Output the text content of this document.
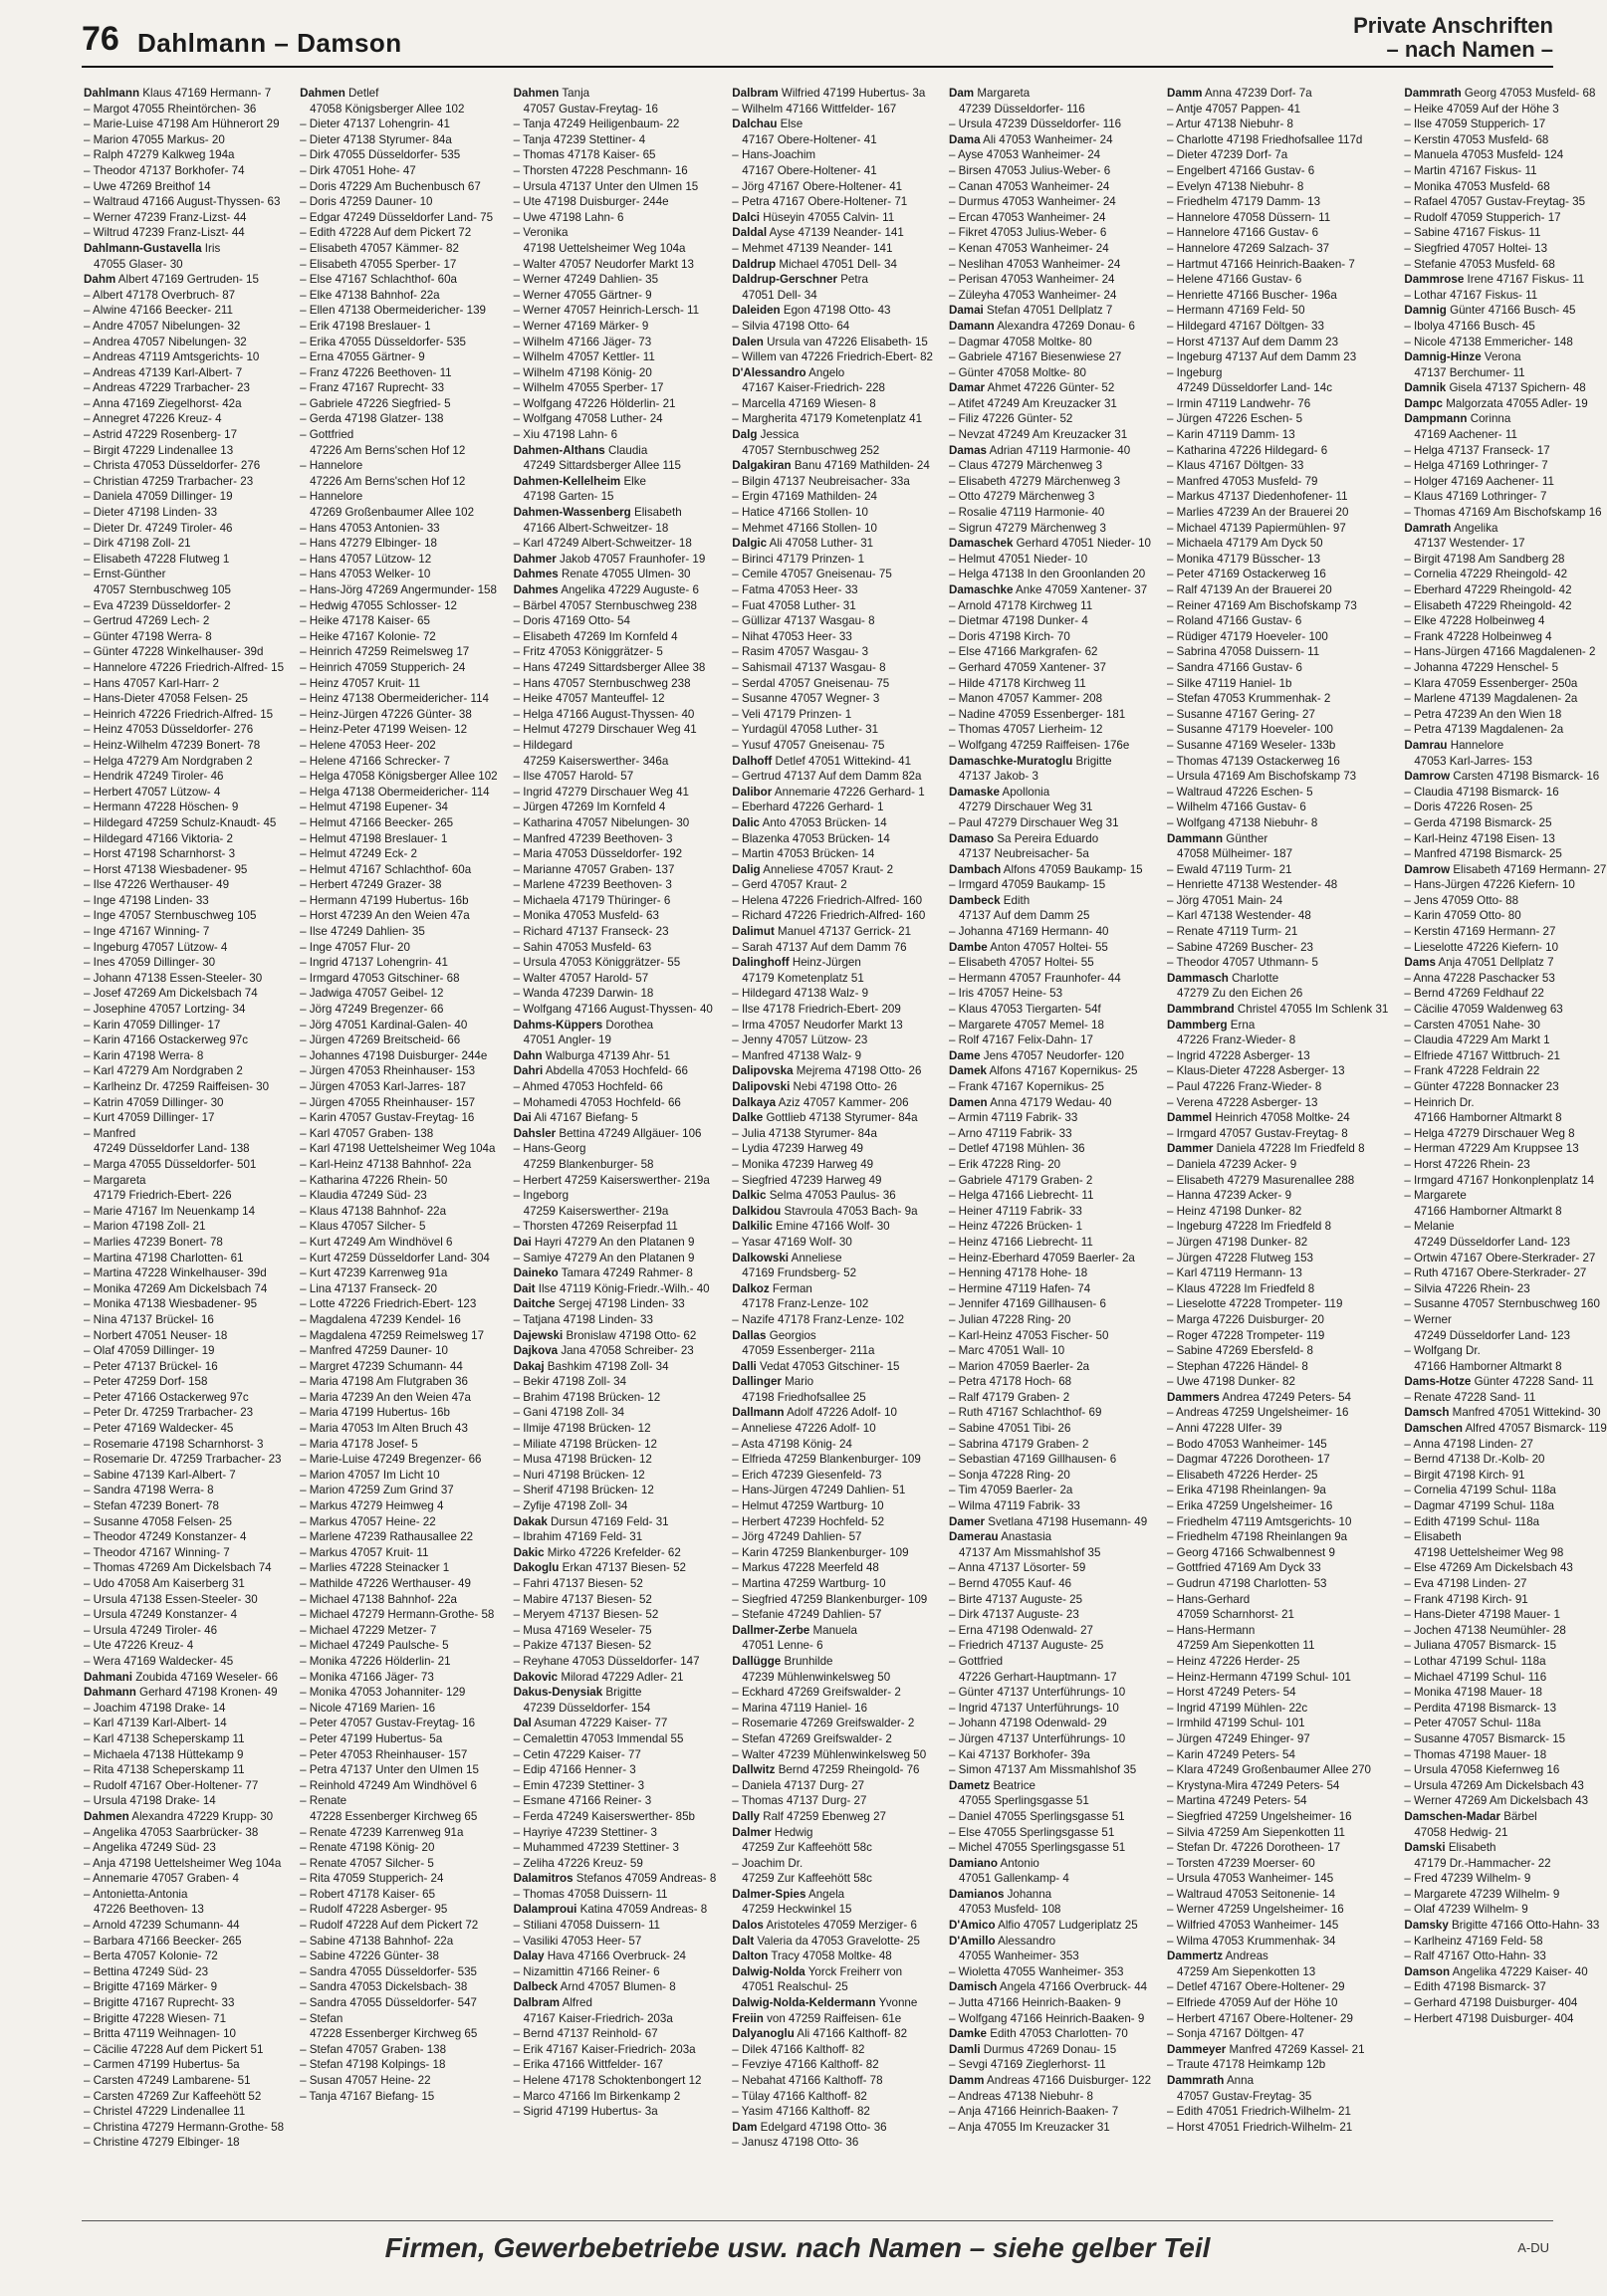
76 Dahlmann – Damson
Private Anschriften
– nach Namen –
Dahlmann Klaus 47169 Hermann- 7
– Margot 47055 Rheintörchen- 36
– Marie-Luise 47198 Am Hühnerort 29
– Marion 47055 Markus- 20
– Ralph 47279 Kalkweg 194a
– Theodor 47137 Borkhofer- 74
– Uwe 47269 Breithof 14
– Waltraud 47166 August-Thyssen- 63
– Werner 47239 Franz-Lizst- 44
– Wiltrud 47239 Franz-Liszt- 44
Dahlmann-Gustavella Iris
47055 Glaser- 30
Dahm Albert 47169 Gertruden- 15
– Albert 47178 Overbruch- 87
– Alwine 47166 Beecker- 211
– Andre 47057 Nibelungen- 32
– Andrea 47057 Nibelungen- 32
– Andreas 47119 Amtsgerichts- 10
– Andreas 47139 Karl-Albert- 7
– Andreas 47229 Trarbacher- 23
– Anna 47169 Ziegelhorst- 42a
– Annegret 47226 Kreuz- 4
– Astrid 47229 Rosenberg- 17
– Birgit 47229 Lindenallee 13
– Christa 47053 Düsseldorfer- 276
– Christian 47259 Trarbacher- 23
– Daniela 47059 Dillinger- 19
– Dieter 47198 Linden- 33
– Dieter Dr. 47249 Tiroler- 46
– Dirk 47198 Zoll- 21
– Elisabeth 47228 Flutweg 1
– Ernst-Günther
47057 Sternbuschweg 105
– Eva 47239 Düsseldorfer- 2
– Gertrud 47269 Lech- 2
– Günter 47198 Werra- 8
– Günter 47228 Winkelhauser- 39d
– Hannelore 47226 Friedrich-Alfred- 15
– Hans 47057 Karl-Harr- 2
– Hans-Dieter 47058 Felsen- 25
– Heinrich 47226 Friedrich-Alfred- 15
– Heinz 47053 Düsseldorfer- 276
– Heinz-Wilhelm 47239 Bonert- 78
– Helga 47279 Am Nordgraben 2
– Hendrik 47249 Tiroler- 46
– Herbert 47057 Lützow- 4
– Hermann 47228 Höschen- 9
– Hildegard 47259 Schulz-Knaudt- 45
– Hildegard 47166 Viktoria- 2
– Horst 47198 Scharnhorst- 3
– Horst 47138 Wiesbadener- 95
– Ilse 47226 Werthauser- 49
– Inge 47198 Linden- 33
– Inge 47057 Sternbuschweg 105
– Inge 47167 Winning- 7
– Ingeburg 47057 Lützow- 4
– Ines 47059 Dillinger- 30
– Johann 47138 Essen-Steeler- 30
– Josef 47269 Am Dickelsbach 74
– Josephine 47057 Lortzing- 34
– Karin 47059 Dillinger- 17
– Karin 47166 Ostackerweg 97c
– Karin 47198 Werra- 8
– Karl 47279 Am Nordgraben 2
– Karlheinz Dr. 47259 Raiffeisen- 30
– Katrin 47059 Dillinger- 30
– Kurt 47059 Dillinger- 17
– Manfred
47249 Düsseldorfer Land- 138
– Marga 47055 Düsseldorfer- 501
– Margareta
47179 Friedrich-Ebert- 226
– Marie 47167 Im Neuenkamp 14
– Marion 47198 Zoll- 21
– Marlies 47239 Bonert- 78
– Martina 47198 Charlotten- 61
– Martina 47228 Winkelhauser- 39d
– Monika 47269 Am Dickelsbach 74
– Monika 47138 Wiesbadener- 95
– Nina 47137 Brückel- 16
– Norbert 47051 Neuser- 18
– Olaf 47059 Dillinger- 19
– Peter 47137 Brückel- 16
– Peter 47259 Dorf- 158
– Peter 47166 Ostackerweg 97c
– Peter Dr. 47259 Trarbacher- 23
– Peter 47169 Waldecker- 45
– Rosemarie 47198 Scharnhorst- 3
– Rosemarie Dr. 47259 Trarbacher- 23
– Sabine 47139 Karl-Albert- 7
– Sandra 47198 Werra- 8
– Stefan 47239 Bonert- 78
– Susanne 47058 Felsen- 25
– Theodor 47249 Konstanzer- 4
– Theodor 47167 Winning- 7
– Thomas 47269 Am Dickelsbach 74
– Udo 47058 Am Kaiserberg 31
– Ursula 47138 Essen-Steeler- 30
– Ursula 47249 Konstanzer- 4
– Ursula 47249 Tiroler- 46
– Ute 47226 Kreuz- 4
– Wera 47169 Waldecker- 45
Dahmani Zoubida 47169 Weseler- 66
Dahmann Gerhard 47198 Kronen- 49
– Joachim 47198 Drake- 14
– Karl 47139 Karl-Albert- 14
– Karl 47138 Scheperskamp 11
– Michaela 47138 Hüttekamp 9
– Rita 47138 Scheperskamp 11
– Rudolf 47167 Ober-Holtener- 77
– Ursula 47198 Drake- 14
Dahmen Alexandra 47229 Krupp- 30
– Angelika 47053 Saarbrücker- 38
– Angelika 47249 Süd- 23
– Anja 47198 Uettelsheimer Weg 104a
– Annemarie 47057 Graben- 4
– Antonietta-Antonia
47226 Beethoven- 13
– Arnold 47239 Schumann- 44
– Barbara 47166 Beecker- 265
– Berta 47057 Kolonie- 72
– Bettina 47249 Süd- 23
– Brigitte 47169 Märker- 9
– Brigitte 47167 Ruprecht- 33
– Brigitte 47228 Wiesen- 71
– Britta 47119 Weihnagen- 10
– Cäcilie 47228 Auf dem Pickert 51
– Carmen 47199 Hubertus- 5a
– Carsten 47249 Lambarene- 51
– Carsten 47269 Zur Kaffeehött 52
– Christel 47229 Lindenallee 11
– Christina 47279 Hermann-Grothe- 58
– Christine 47279 Elbinger- 18
Dahmen Detlef
47058 Königsberger Allee 102
– Dieter 47137 Lohengrin- 41
– Dieter 47138 Styrumer- 84a
– Dirk 47055 Düsseldorfer- 535
– Dirk 47051 Hohe- 47
– Doris 47229 Am Buchenbusch 67
– Doris 47259 Dauner- 10
– Edgar 47249 Düsseldorfer Land- 75
– Edith 47228 Auf dem Pickert 72
– Elisabeth 47057 Kämmer- 82
– Elisabeth 47055 Sperber- 17
– Else 47167 Schlachthof- 60a
– Elke 47138 Bahnhof- 22a
– Ellen 47138 Obermeidericher- 139
– Erik 47198 Breslauer- 1
– Erika 47055 Düsseldorfer- 535
– Erna 47055 Gärtner- 9
– Franz 47226 Beethoven- 11
– Franz 47167 Ruprecht- 33
– Gabriele 47226 Siegfried- 5
– Gerda 47198 Glatzer- 138
– Gottfried
47226 Am Berns'schen Hof 12
– Hannelore
47226 Am Berns'schen Hof 12
– Hannelore
47269 Großenbaumer Allee 102
– Hans 47053 Antonien- 33
– Hans 47279 Elbinger- 18
– Hans 47057 Lützow- 12
– Hans 47053 Welker- 10
– Hans-Jörg 47269 Angermunder- 158
– Hedwig 47055 Schlosser- 12
– Heike 47178 Kaiser- 65
– Heike 47167 Kolonie- 72
– Heinrich 47259 Reimelsweg 17
– Heinrich 47059 Stupperich- 24
– Heinz 47057 Kruit- 11
– Heinz 47138 Obermeidericher- 114
– Heinz-Jürgen 47226 Günter- 38
– Heinz-Peter 47199 Weisen- 12
– Helene 47053 Heer- 202
– Helene 47166 Schrecker- 7
– Helga 47058 Königsberger Allee 102
– Helga 47138 Obermeidericher- 114
– Helmut 47198 Eupener- 34
– Helmut 47166 Beecker- 265
– Helmut 47198 Breslauer- 1
– Helmut 47249 Eck- 2
– Helmut 47167 Schlachthof- 60a
– Herbert 47249 Grazer- 38
– Hermann 47199 Hubertus- 16b
– Horst 47239 An den Weien 47a
– Ilse 47249 Dahlien- 35
– Inge 47057 Flur- 20
– Ingrid 47137 Lohengrin- 41
– Irmgard 47053 Gitschiner- 68
– Jadwiga 47057 Geibel- 12
– Jörg 47249 Bregenzer- 66
– Jörg 47051 Kardinal-Galen- 40
– Jürgen 47269 Breitscheid- 66
– Johannes 47198 Duisburger- 244e
– Jürgen 47053 Rheinhauser- 153
– Jürgen 47053 Karl-Jarres- 187
– Jürgen 47055 Rheinhauser- 157
– Karin 47057 Gustav-Freytag- 16
– Karl 47057 Graben- 138
– Karl 47198 Uettelsheimer Weg 104a
– Karl-Heinz 47138 Bahnhof- 22a
– Katharina 47226 Rhein- 50
– Klaudia 47249 Süd- 23
– Klaus 47138 Bahnhof- 22a
– Klaus 47057 Silcher- 5
– Kurt 47249 Am Windhövel 6
– Kurt 47259 Düsseldorfer Land- 304
– Kurt 47239 Karrenweg 91a
– Lina 47137 Franseck- 20
– Lotte 47226 Friedrich-Ebert- 123
– Magdalena 47239 Kendel- 16
– Magdalena 47259 Reimelsweg 17
– Manfred 47259 Dauner- 10
– Margret 47239 Schumann- 44
– Maria 47198 Am Flutgraben 36
– Maria 47239 An den Weien 47a
– Maria 47199 Hubertus- 16b
– Maria 47053 Im Alten Bruch 43
– Maria 47178 Josef- 5
– Marie-Luise 47249 Bregenzer- 66
– Marion 47057 Im Licht 10
– Marion 47259 Zum Grind 37
– Markus 47279 Heimweg 4
– Markus 47057 Heine- 22
– Marlene 47239 Rathausallee 22
– Markus 47057 Kruit- 11
– Marlies 47228 Steinacker 1
– Mathilde 47226 Werthauser- 49
– Michael 47138 Bahnhof- 22a
– Michael 47279 Hermann-Grothe- 58
– Michael 47229 Metzer- 7
– Michael 47249 Paulsche- 5
– Monika 47226 Hölderlin- 21
– Monika 47166 Jäger- 73
– Monika 47053 Johanniter- 129
– Nicole 47169 Marien- 16
– Peter 47057 Gustav-Freytag- 16
– Peter 47199 Hubertus- 5a
– Peter 47053 Rheinhauser- 157
– Petra 47137 Unter den Ulmen 15
– Reinhold 47249 Am Windhövel 6
– Renate
47228 Essenberger Kirchweg 65
– Renate 47239 Karrenweg 91a
– Renate 47198 König- 20
– Renate 47057 Silcher- 5
– Rita 47059 Stupperich- 24
– Robert 47178 Kaiser- 65
– Rudolf 47228 Asberger- 95
– Rudolf 47228 Auf dem Pickert 72
– Sabine 47138 Bahnhof- 22a
– Sabine 47226 Günter- 38
– Sandra 47055 Düsseldorfer- 535
– Sandra 47053 Dickelsbach- 38
– Sandra 47055 Düsseldorfer- 547
– Stefan
47228 Essenberger Kirchweg 65
– Stefan 47057 Graben- 138
– Stefan 47198 Kolpings- 18
– Susan 47057 Heine- 22
– Tanja 47167 Biefang- 15
Dahmen Tanja
47057 Gustav-Freytag- 16
– Tanja 47249 Heiligenbaum- 22
– Tanja 47239 Stettiner- 4
– Thomas 47178 Kaiser- 65
– Thorsten 47228 Peschmann- 16
– Ursula 47137 Unter den Ulmen 15
– Ute 47198 Duisburger- 244e
– Uwe 47198 Lahn- 6
– Veronika
47198 Uettelsheimer Weg 104a
– Walter 47057 Neudorfer Markt 13
– Werner 47249 Dahlien- 35
– Werner 47055 Gärtner- 9
– Werner 47057 Heinrich-Lersch- 11
– Werner 47169 Märker- 9
– Wilhelm 47166 Jäger- 73
– Wilhelm 47057 Kettler- 11
– Wilhelm 47198 König- 20
– Wilhelm 47055 Sperber- 17
– Wolfgang 47226 Hölderlin- 21
– Wolfgang 47058 Luther- 24
– Xiu 47198 Lahn- 6
Dahmen-Althans Claudia
47249 Sittardsberger Allee 115
Dahmen-Kellelheim Elke
47198 Garten- 15
Dahmen-Wassenberg Elisabeth
47166 Albert-Schweitzer- 18
– Karl 47249 Albert-Schweitzer- 18
Dahmer Jakob 47057 Fraunhofer- 19
Dahmes Renate 47055 Ulmen- 30
Dahmes Angelika 47229 Auguste- 6
– Bärbel 47057 Sternbuschweg 238
– Doris 47169 Otto- 54
– Elisabeth 47269 Im Kornfeld 4
– Fritz 47053 Königgrätzer- 5
– Hans 47249 Sittardsberger Allee 38
– Hans 47057 Sternbuschweg 238
– Heike 47057 Manteuffel- 12
– Helga 47166 August-Thyssen- 40
– Helmut 47279 Dirschauer Weg 41
– Hildegard
47259 Kaiserswerther- 346a
– Ilse 47057 Harold- 57
– Ingrid 47279 Dirschauer Weg 41
– Jürgen 47269 Im Kornfeld 4
– Katharina 47057 Nibelungen- 30
– Manfred 47239 Beethoven- 3
– Maria 47053 Düsseldorfer- 192
– Marianne 47057 Graben- 137
– Marlene 47239 Beethoven- 3
– Michaela 47179 Thüringer- 6
– Monika 47053 Musfeld- 63
– Richard 47137 Franseck- 23
– Sahin 47053 Musfeld- 63
– Ursula 47053 Königgrätzer- 55
– Walter 47057 Harold- 57
– Wanda 47239 Darwin- 18
– Wolfgang 47166 August-Thyssen- 40
Dahms-Küppers Dorothea
47051 Angler- 19
Dahn Walburga 47139 Ahr- 51
Dahri Abdella 47053 Hochfeld- 66
– Ahmed 47053 Hochfeld- 66
– Mohamedi 47053 Hochfeld- 66
Dai Ali 47167 Biefang- 5
Dahsler Bettina 47249 Allgäuer- 106
– Hans-Georg
47259 Blankenburger- 58
– Herbert 47259 Kaiserswerther- 219a
– Ingeborg
47259 Kaiserswerther- 219a
– Thorsten 47269 Reiserpfad 11
Dai Hayri 47279 An den Platanen 9
– Samiye 47279 An den Platanen 9
Daineko Tamara 47249 Rahmer- 8
Dait Ilse 47119 König-Friedr.-Wilh.- 40
Daitche Sergej 47198 Linden- 33
– Tatjana 47198 Linden- 33
Dajewski Bronislaw 47198 Otto- 62
Dajkova Jana 47058 Schreiber- 23
Dakaj Bashkim 47198 Zoll- 34
– Bekir 47198 Zoll- 34
– Brahim 47198 Brücken- 12
– Gani 47198 Zoll- 34
– Ilmije 47198 Brücken- 12
– Miliate 47198 Brücken- 12
– Musa 47198 Brücken- 12
– Nuri 47198 Brücken- 12
– Sherif 47198 Brücken- 12
– Zyfije 47198 Zoll- 34
Dakak Dursun 47169 Feld- 31
– Ibrahim 47169 Feld- 31
Dakic Mirko 47226 Krefelder- 62
Dakoglu Erkan 47137 Biesen- 52
– Fahri 47137 Biesen- 52
– Mabire 47137 Biesen- 52
– Meryem 47137 Biesen- 52
– Musa 47169 Weseler- 75
– Pakize 47137 Biesen- 52
– Reyhane 47053 Düsseldorfer- 147
Dakovic Milorad 47229 Adler- 21
Dakus-Denysiak Brigitte
47239 Düsseldorfer- 154
Dal Asuman 47229 Kaiser- 77
– Cemalettin 47053 Immendal 55
– Cetin 47229 Kaiser- 77
– Edip 47166 Henner- 3
– Emin 47239 Stettiner- 3
– Esmane 47166 Reiner- 3
– Ferda 47249 Kaiserswerther- 85b
– Hayriye 47239 Stettiner- 3
– Muhammed 47239 Stettiner- 3
– Zeliha 47226 Kreuz- 59
Dalamitros Stefanos 47059 Andreas- 8
– Thomas 47058 Duissern- 11
Dalamproui Katina 47059 Andreas- 8
– Stiliani 47058 Duissern- 11
– Vasiliki 47053 Heer- 57
Dalay Hava 47166 Overbruck- 24
– Nizamittin 47166 Reiner- 6
Dalbeck Arnd 47057 Blumen- 8
Dalbram Alfred
47167 Kaiser-Friedrich- 203a
– Bernd 47137 Reinhold- 67
– Erik 47167 Kaiser-Friedrich- 203a
– Erika 47166 Wittfelder- 167
– Helene 47178 Schoktenbongert 12
– Marco 47166 Im Birkenkamp 2
– Sigrid 47199 Hubertus- 3a
Dalbram Wilfried 47199 Hubertus- 3a
– Wilhelm 47166 Wittfelder- 167
Dalchau Else
47167 Obere-Holtener- 41
– Hans-Joachim
47167 Obere-Holtener- 41
– Jörg 47167 Obere-Holtener- 41
– Petra 47167 Obere-Holtener- 71
Dalci Hüseyin 47055 Calvin- 11
Daldal Ayse 47139 Neander- 141
– Mehmet 47139 Neander- 141
Daldrup Michael 47051 Dell- 34
Daldrup-Gerschner Petra
47051 Dell- 34
Daleiden Egon 47198 Otto- 43
– Silvia 47198 Otto- 64
Dalen Ursula van 47226 Elisabeth- 15
– Willem van 47226 Friedrich-Ebert- 82
D'Alessandro Angelo
47167 Kaiser-Friedrich- 228
– Marcella 47169 Wiesen- 8
– Margherita 47179 Kometenplatz 41
Dalg Jessica
47057 Sternbuschweg 252
Dalgakiran Banu 47169 Mathilden- 24
– Bilgin 47137 Neubreisacher- 33a
– Ergin 47169 Mathilden- 24
– Hatice 47166 Stollen- 10
– Mehmet 47166 Stollen- 10
Dalgic Ali 47058 Luther- 31
– Birinci 47179 Prinzen- 1
– Cemile 47057 Gneisenau- 75
– Fatma 47053 Heer- 33
– Fuat 47058 Luther- 31
– Güllizar 47137 Wasgau- 8
– Nihat 47053 Heer- 33
– Rasim 47057 Wasgau- 3
– Sahismail 47137 Wasgau- 8
– Serdal 47057 Gneisenau- 75
– Susanne 47057 Wegner- 3
– Veli 47179 Prinzen- 1
– Yurdagül 47058 Luther- 31
– Yusuf 47057 Gneisenau- 75
Dalhoff Detlef 47051 Wittekind- 41
– Gertrud 47137 Auf dem Damm 82a
Dalibor Annemarie 47226 Gerhard- 1
– Eberhard 47226 Gerhard- 1
Dalic Anto 47053 Brücken- 14
– Blazenka 47053 Brücken- 14
– Martin 47053 Brücken- 14
Dalig Anneliese 47057 Kraut- 2
– Gerd 47057 Kraut- 2
– Helena 47226 Friedrich-Alfred- 160
– Richard 47226 Friedrich-Alfred- 160
Dalimut Manuel 47137 Gerrick- 21
– Sarah 47137 Auf dem Damm 76
Dalinghoff Heinz-Jürgen
47179 Kometenplatz 51
– Hildegard 47138 Walz- 9
– Ilse 47178 Friedrich-Ebert- 209
– Irma 47057 Neudorfer Markt 13
– Jenny 47057 Lützow- 23
– Manfred 47138 Walz- 9
Dalipovska Mejrema 47198 Otto- 26
Dalipovski Nebi 47198 Otto- 26
Dalkaya Aziz 47057 Kammer- 206
Dalke Gottlieb 47138 Styrumer- 84a
– Julia 47138 Styrumer- 84a
– Lydia 47239 Harweg 49
– Monika 47239 Harweg 49
– Siegfried 47239 Harweg 49
Dalkic Selma 47053 Paulus- 36
Dalkidou Stavroula 47053 Bach- 9a
Dalkilic Emine 47166 Wolf- 30
– Yasar 47169 Wolf- 30
Dalkowski Anneliese
47169 Frundsberg- 52
Dalkoz Ferman
47178 Franz-Lenze- 102
– Nazife 47178 Franz-Lenze- 102
Dallas Georgios
47059 Essenberger- 211a
Dalli Vedat 47053 Gitschiner- 15
Dallinger Mario
47198 Friedhofsallee 25
Dallmann Adolf 47226 Adolf- 10
– Anneliese 47226 Adolf- 10
– Asta 47198 König- 24
– Elfrieda 47259 Blankenburger- 109
– Erich 47239 Giesenfeld- 73
– Hans-Jürgen 47249 Dahlien- 51
– Helmut 47259 Wartburg- 10
– Herbert 47239 Hochfeld- 52
– Jörg 47249 Dahlien- 57
– Karin 47259 Blankenburger- 109
– Markus 47228 Meerfeld 48
– Martina 47259 Wartburg- 10
– Siegfried 47259 Blankenburger- 109
– Stefanie 47249 Dahlien- 57
Dallmer-Zerbe Manuela
47051 Lenne- 6
Dallügge Brunhilde
47239 Mühlenwinkelsweg 50
– Eckhard 47269 Greifswalder- 2
– Marina 47119 Haniel- 16
– Rosemarie 47269 Greifswalder- 2
– Stefan 47269 Greifswalder- 2
– Walter 47239 Mühlenwinkelsweg 50
Dallwitz Bernd 47259 Rheingold- 76
– Daniela 47137 Durg- 27
– Thomas 47137 Durg- 27
Dally Ralf 47259 Ebenweg 27
Dalmer Hedwig
47259 Zur Kaffeehött 58c
– Joachim Dr.
47259 Zur Kaffeehött 58c
Dalmer-Spies Angela
47259 Heckwinkel 15
Dalos Aristoteles 47059 Merziger- 6
Dalt Valeria da 47053 Gravelotte- 25
Dalton Tracy 47058 Moltke- 48
Dalwig-Nolda Yorck Freiherr von
47051 Realschul- 25
Dalwig-Nolda-Keldermann Yvonne
Freiin von 47259 Raiffeisen- 61e
Dalyanoglu Ali 47166 Kalthoff- 82
– Dilek 47166 Kalthoff- 82
– Fevziye 47166 Kalthoff- 82
– Nebahat 47166 Kalthoff- 78
– Tülay 47166 Kalthoff- 82
– Yasim 47166 Kalthoff- 82
Dam Edelgard 47198 Otto- 36
– Janusz 47198 Otto- 36
Dam Margareta
47239 Düsseldorfer- 116
– Ursula 47239 Düsseldorfer- 116
Dama Ali 47053 Wanheimer- 24
– Ayse 47053 Wanheimer- 24
– Birsen 47053 Julius-Weber- 6
– Canan 47053 Wanheimer- 24
– Durmus 47053 Wanheimer- 24
– Ercan 47053 Wanheimer- 24
– Fikret 47053 Julius-Weber- 6
– Kenan 47053 Wanheimer- 24
– Neslihan 47053 Wanheimer- 24
– Perisan 47053 Wanheimer- 24
– Züleyha 47053 Wanheimer- 24
Damai Stefan 47051 Dellplatz 7
Damann Alexandra 47269 Donau- 6
– Dagmar 47058 Moltke- 80
– Gabriele 47167 Biesenwiese 27
– Günter 47058 Moltke- 80
Damar Ahmet 47226 Günter- 52
– Atifet 47249 Am Kreuzacker 31
– Filiz 47226 Günter- 52
– Nevzat 47249 Am Kreuzacker 31
Damas Adrian 47119 Harmonie- 40
– Claus 47279 Märchenweg 3
– Elisabeth 47279 Märchenweg 3
– Otto 47279 Märchenweg 3
– Rosalie 47119 Harmonie- 40
– Sigrun 47279 Märchenweg 3
Damaschek Gerhard 47051 Nieder- 10
– Helmut 47051 Nieder- 10
– Helga 47138 In den Groonlanden 20
Damaschke Anke 47059 Xantener- 37
– Arnold 47178 Kirchweg 11
– Dietmar 47198 Dunker- 4
– Doris 47198 Kirch- 70
– Else 47166 Markgrafen- 62
– Gerhard 47059 Xantener- 37
– Hilde 47178 Kirchweg 11
– Manon 47057 Kammer- 208
– Nadine 47059 Essenberger- 181
– Thomas 47057 Lierheim- 12
– Wolfgang 47259 Raiffeisen- 176e
Damaschke-Muratoglu Brigitte
47137 Jakob- 3
Damaske Apollonia
47279 Dirschauer Weg 31
– Paul 47279 Dirschauer Weg 31
Damaso Sa Pereira Eduardo
47137 Neubreisacher- 5a
Dambach Alfons 47059 Baukamp- 15
– Irmgard 47059 Baukamp- 15
Dambeck Edith
47137 Auf dem Damm 25
– Johanna 47169 Hermann- 40
Dambe Anton 47057 Holtei- 55
– Elisabeth 47057 Holtei- 55
– Hermann 47057 Fraunhofer- 44
– Iris 47057 Heine- 53
– Klaus 47053 Tiergarten- 54f
– Margarete 47057 Memel- 18
– Rolf 47167 Felix-Dahn- 17
Dame Jens 47057 Neudorfer- 120
Damek Alfons 47167 Kopernikus- 25
– Frank 47167 Kopernikus- 25
Damen Anna 47179 Wedau- 40
– Armin 47119 Fabrik- 33
– Arno 47119 Fabrik- 33
– Detlef 47198 Mühlen- 36
– Erik 47228 Ring- 20
– Gabriele 47179 Graben- 2
– Helga 47166 Liebrecht- 11
– Heiner 47119 Fabrik- 33
– Heinz 47226 Brücken- 1
– Heinz 47166 Liebrecht- 11
– Heinz-Eberhard 47059 Baerler- 2a
– Henning 47178 Hohe- 18
– Hermine 47119 Hafen- 74
– Jennifer 47169 Gillhausen- 6
– Julian 47228 Ring- 20
– Karl-Heinz 47053 Fischer- 50
– Marc 47051 Wall- 10
– Marion 47059 Baerler- 2a
– Petra 47178 Hoch- 68
– Ralf 47179 Graben- 2
– Ruth 47167 Schlachthof- 69
– Sabine 47051 Tibi- 26
– Sabrina 47179 Graben- 2
– Sebastian 47169 Gillhausen- 6
– Sonja 47228 Ring- 20
– Tim 47059 Baerler- 2a
– Wilma 47119 Fabrik- 33
Damer Svetlana 47198 Husemann- 49
Damerau Anastasia
47137 Am Missmahlshof 35
– Anna 47137 Lösorter- 59
– Bernd 47055 Kauf- 46
– Birte 47137 Auguste- 25
– Dirk 47137 Auguste- 23
– Erna 47198 Odenwald- 27
– Friedrich 47137 Auguste- 25
– Gottfried
47226 Gerhart-Hauptmann- 17
– Günter 47137 Unterführungs- 10
– Ingrid 47137 Unterführungs- 10
– Johann 47198 Odenwald- 29
– Jürgen 47137 Unterführungs- 10
– Kai 47137 Borkhofer- 39a
– Simon 47137 Am Missmahlshof 35
Dametz Beatrice
47055 Sperlingsgasse 51
– Daniel 47055 Sperlingsgasse 51
– Else 47055 Sperlingsgasse 51
– Michel 47055 Sperlingsgasse 51
Damiano Antonio
47051 Gallenkamp- 4
Damianos Johanna
47053 Musfeld- 108
D'Amico Alfio 47057 Ludgeriplatz 25
D'Amillo Alessandro
47055 Wanheimer- 353
– Wioletta 47055 Wanheimer- 353
Damisch Angela 47166 Overbruck- 44
– Jutta 47166 Heinrich-Baaken- 9
– Wolfgang 47166 Heinrich-Baaken- 9
Damke Edith 47053 Charlotten- 70
Damli Durmus 47269 Donau- 15
– Sevgi 47169 Zieglerhorst- 11
Damm Andreas 47166 Duisburger- 122
– Andreas 47138 Niebuhr- 8
– Anja 47166 Heinrich-Baaken- 7
– Anja 47055 Im Kreuzacker 31
Damm Anna 47239 Dorf- 7a
– Antje 47057 Pappen- 41
– Artur 47138 Niebuhr- 8
– Charlotte 47198 Friedhofsallee 117d
– Dieter 47239 Dorf- 7a
– Engelbert 47166 Gustav- 6
– Evelyn 47138 Niebuhr- 8
– Friedhelm 47179 Damm- 13
– Hannelore 47058 Düssern- 11
– Hannelore 47166 Gustav- 6
– Hannelore 47269 Salzach- 37
– Hartmut 47166 Heinrich-Baaken- 7
– Helene 47166 Gustav- 6
– Henriette 47166 Buscher- 196a
– Hermann 47169 Feld- 50
– Hildegard 47167 Döltgen- 33
– Horst 47137 Auf dem Damm 23
– Ingeburg 47137 Auf dem Damm 23
– Ingeburg
47249 Düsseldorfer Land- 14c
– Irmin 47119 Landwehr- 76
– Jürgen 47226 Eschen- 5
– Karin 47119 Damm- 13
– Katharina 47226 Hildegard- 6
– Klaus 47167 Döltgen- 33
– Manfred 47053 Musfeld- 79
– Markus 47137 Diedenhofener- 11
– Marlies 47239 An der Brauerei 20
– Michael 47139 Papiermühlen- 97
– Michaela 47179 Am Dyck 50
– Monika 47179 Büsscher- 13
– Peter 47169 Ostackerweg 16
– Ralf 47139 An der Brauerei 20
– Reiner 47169 Am Bischofskamp 73
– Roland 47166 Gustav- 6
– Rüdiger 47179 Hoeveler- 100
– Sabrina 47058 Duissern- 11
– Sandra 47166 Gustav- 6
– Silke 47119 Haniel- 1b
– Stefan 47053 Krummenhak- 2
– Susanne 47167 Gering- 27
– Susanne 47179 Hoeveler- 100
– Susanne 47169 Weseler- 133b
– Thomas 47139 Ostackerweg 16
– Ursula 47169 Am Bischofskamp 73
– Waltraud 47226 Eschen- 5
– Wilhelm 47166 Gustav- 6
– Wolfgang 47138 Niebuhr- 8
Dammann Günther
47058 Mülheimer- 187
– Ewald 47119 Turm- 21
– Henriette 47138 Westender- 48
– Jörg 47051 Main- 24
– Karl 47138 Westender- 48
– Renate 47119 Turm- 21
– Sabine 47269 Buscher- 23
– Theodor 47057 Uthmann- 5
Dammasch Charlotte
47279 Zu den Eichen 26
Dammbrand Christel 47055 Im Schlenk 31
Dammberg Erna
47226 Franz-Wieder- 8
– Ingrid 47228 Asberger- 13
– Klaus-Dieter 47228 Asberger- 13
– Paul 47226 Franz-Wieder- 8
– Verena 47228 Asberger- 13
Dammel Heinrich 47058 Moltke- 24
– Irmgard 47057 Gustav-Freytag- 8
Dammer Daniela 47228 Im Friedfeld 8
– Daniela 47239 Acker- 9
– Elisabeth 47279 Masurenallee 288
– Hanna 47239 Acker- 9
– Heinz 47198 Dunker- 82
– Ingeburg 47228 Im Friedfeld 8
– Jürgen 47198 Dunker- 82
– Jürgen 47228 Flutweg 153
– Karl 47119 Hermann- 13
– Klaus 47228 Im Friedfeld 8
– Lieselotte 47228 Trompeter- 119
– Marga 47226 Duisburger- 20
– Roger 47228 Trompeter- 119
– Sabine 47269 Ebersfeld- 8
– Stephan 47226 Händel- 8
– Uwe 47198 Dunker- 82
Dammers Andrea 47249 Peters- 54
– Andreas 47259 Ungelsheimer- 16
– Anni 47228 Ulfer- 39
– Bodo 47053 Wanheimer- 145
– Dagmar 47226 Dorotheen- 17
– Elisabeth 47226 Herder- 25
– Erika 47198 Rheinlangen- 9a
– Erika 47259 Ungelsheimer- 16
– Friedhelm 47119 Amtsgerichts- 10
– Friedhelm 47198 Rheinlangen 9a
– Georg 47166 Schwalbennest 9
– Gottfried 47169 Am Dyck 33
– Gudrun 47198 Charlotten- 53
– Hans-Gerhard
47059 Scharnhorst- 21
– Hans-Hermann
47259 Am Siepenkotten 11
– Heinz 47226 Herder- 25
– Heinz-Hermann 47199 Schul- 101
– Horst 47249 Peters- 54
– Ingrid 47199 Mühlen- 22c
– Irmhild 47199 Schul- 101
– Jürgen 47249 Ehinger- 97
– Karin 47249 Peters- 54
– Klara 47249 Großenbaumer Allee 270
– Krystyna-Mira 47249 Peters- 54
– Martina 47249 Peters- 54
– Siegfried 47259 Ungelsheimer- 16
– Silvia 47259 Am Siepenkotten 11
– Stefan Dr. 47226 Dorotheen- 17
– Torsten 47239 Moerser- 60
– Ursula 47053 Wanheimer- 145
– Waltraud 47053 Seitonenie- 14
– Werner 47259 Ungelsheimer- 16
– Wilfried 47053 Wanheimer- 145
– Wilma 47053 Krummenhak- 34
Dammertz Andreas
47259 Am Siepenkotten 13
– Detlef 47167 Obere-Holtener- 29
– Elfriede 47059 Auf der Höhe 10
– Herbert 47167 Obere-Holtener- 29
– Sonja 47167 Döltgen- 47
Dammeyer Manfred 47269 Kassel- 21
– Traute 47178 Heimkamp 12b
Dammrath Anna
47057 Gustav-Freytag- 35
– Edith 47051 Friedrich-Wilhelm- 21
– Horst 47051 Friedrich-Wilhelm- 21
Dammrath Georg 47053 Musfeld- 68
– Heike 47059 Auf der Höhe 3
– Ilse 47059 Stupperich- 17
– Kerstin 47053 Musfeld- 68
– Manuela 47053 Musfeld- 124
– Martin 47167 Fiskus- 11
– Monika 47053 Musfeld- 68
– Rafael 47057 Gustav-Freytag- 35
– Rudolf 47059 Stupperich- 17
– Sabine 47167 Fiskus- 11
– Siegfried 47057 Holtei- 13
– Stefanie 47053 Musfeld- 68
Dammrose Irene 47167 Fiskus- 11
– Lothar 47167 Fiskus- 11
Damnig Günter 47166 Busch- 45
– Ibolya 47166 Busch- 45
– Nicole 47138 Emmericher- 148
Damnig-Hinze Verona
47137 Berchumer- 11
Damnik Gisela 47137 Spichern- 48
Dampc Malgorzata 47055 Adler- 19
Dampmann Corinna
47169 Aachener- 11
– Helga 47137 Franseck- 17
– Helga 47169 Lothringer- 7
– Holger 47169 Aachener- 11
– Klaus 47169 Lothringer- 7
– Thomas 47169 Am Bischofskamp 16
Damrath Angelika
47137 Westender- 17
– Birgit 47198 Am Sandberg 28
– Cornelia 47229 Rheingold- 42
– Eberhard 47229 Rheingold- 42
– Elisabeth 47229 Rheingold- 42
– Elke 47228 Holbeinweg 4
– Frank 47228 Holbeinweg 4
– Hans-Jürgen 47166 Magdalenen- 2
– Johanna 47229 Henschel- 5
– Klara 47059 Essenberger- 250a
– Marlene 47139 Magdalenen- 2a
– Petra 47239 An den Wien 18
– Petra 47139 Magdalenen- 2a
Damrau Hannelore
47053 Karl-Jarres- 153
Damrow Carsten 47198 Bismarck- 16
– Claudia 47198 Bismarck- 16
– Doris 47226 Rosen- 25
– Gerda 47198 Bismarck- 25
– Karl-Heinz 47198 Eisen- 13
– Manfred 47198 Bismarck- 25
Damrow Elisabeth 47169 Hermann- 27
– Hans-Jürgen 47226 Kiefern- 10
– Jens 47059 Otto- 88
– Karin 47059 Otto- 80
– Kerstin 47169 Hermann- 27
– Lieselotte 47226 Kiefern- 10
Dams Anja 47051 Dellplatz 7
– Anna 47228 Paschacker 53
– Bernd 47269 Feldhauf 22
– Cäcilie 47059 Waldenweg 63
– Carsten 47051 Nahe- 30
– Claudia 47229 Am Markt 1
– Elfriede 47167 Wittbruch- 21
– Frank 47228 Feldrain 22
– Günter 47228 Bonnacker 23
– Heinrich Dr.
47166 Hamborner Altmarkt 8
– Helga 47279 Dirschauer Weg 8
– Herman 47229 Am Kruppsee 13
– Horst 47226 Rhein- 23
– Irmgard 47167 Honkonplenplatz 14
– Margarete
47166 Hamborner Altmarkt 8
– Melanie
47249 Düsseldorfer Land- 123
– Ortwin 47167 Obere-Sterkrader- 27
– Ruth 47167 Obere-Sterkrader- 27
– Silvia 47226 Rhein- 23
– Susanne 47057 Sternbuschweg 160
– Werner
47249 Düsseldorfer Land- 123
– Wolfgang Dr.
47166 Hamborner Altmarkt 8
Dams-Hotze Günter 47228 Sand- 11
– Renate 47228 Sand- 11
Damsch Manfred 47051 Wittekind- 30
Damschen Alfred 47057 Bismarck- 119
– Anna 47198 Linden- 27
– Bernd 47138 Dr.-Kolb- 20
– Birgit 47198 Kirch- 91
– Cornelia 47199 Schul- 118a
– Dagmar 47199 Schul- 118a
– Edith 47199 Schul- 118a
– Elisabeth
47198 Uettelsheimer Weg 98
– Else 47269 Am Dickelsbach 43
– Eva 47198 Linden- 27
– Frank 47198 Kirch- 91
– Hans-Dieter 47198 Mauer- 1
– Jochen 47138 Neumühler- 28
– Juliana 47057 Bismarck- 15
– Lothar 47199 Schul- 118a
– Michael 47199 Schul- 116
– Monika 47198 Mauer- 18
– Perdita 47198 Bismarck- 13
– Peter 47057 Schul- 118a
– Susanne 47057 Bismarck- 15
– Thomas 47198 Mauer- 18
– Ursula 47058 Kiefernweg 16
– Ursula 47269 Am Dickelsbach 43
– Werner 47269 Am Dickelsbach 43
Damschen-Madar Bärbel
47058 Hedwig- 21
Damski Elisabeth
47179 Dr.-Hammacher- 22
– Fred 47239 Wilhelm- 9
– Margarete 47239 Wilhelm- 9
– Olaf 47239 Wilhelm- 9
Damsky Brigitte 47166 Otto-Hahn- 33
– Karlheinz 47169 Feld- 58
– Ralf 47167 Otto-Hahn- 33
Damson Angelika 47229 Kaiser- 40
– Edith 47198 Bismarck- 37
– Gerhard 47198 Duisburger- 404
– Herbert 47198 Duisburger- 404
Firmen, Gewerbebetriebe usw. nach Namen – siehe gelber Teil	A-DU
